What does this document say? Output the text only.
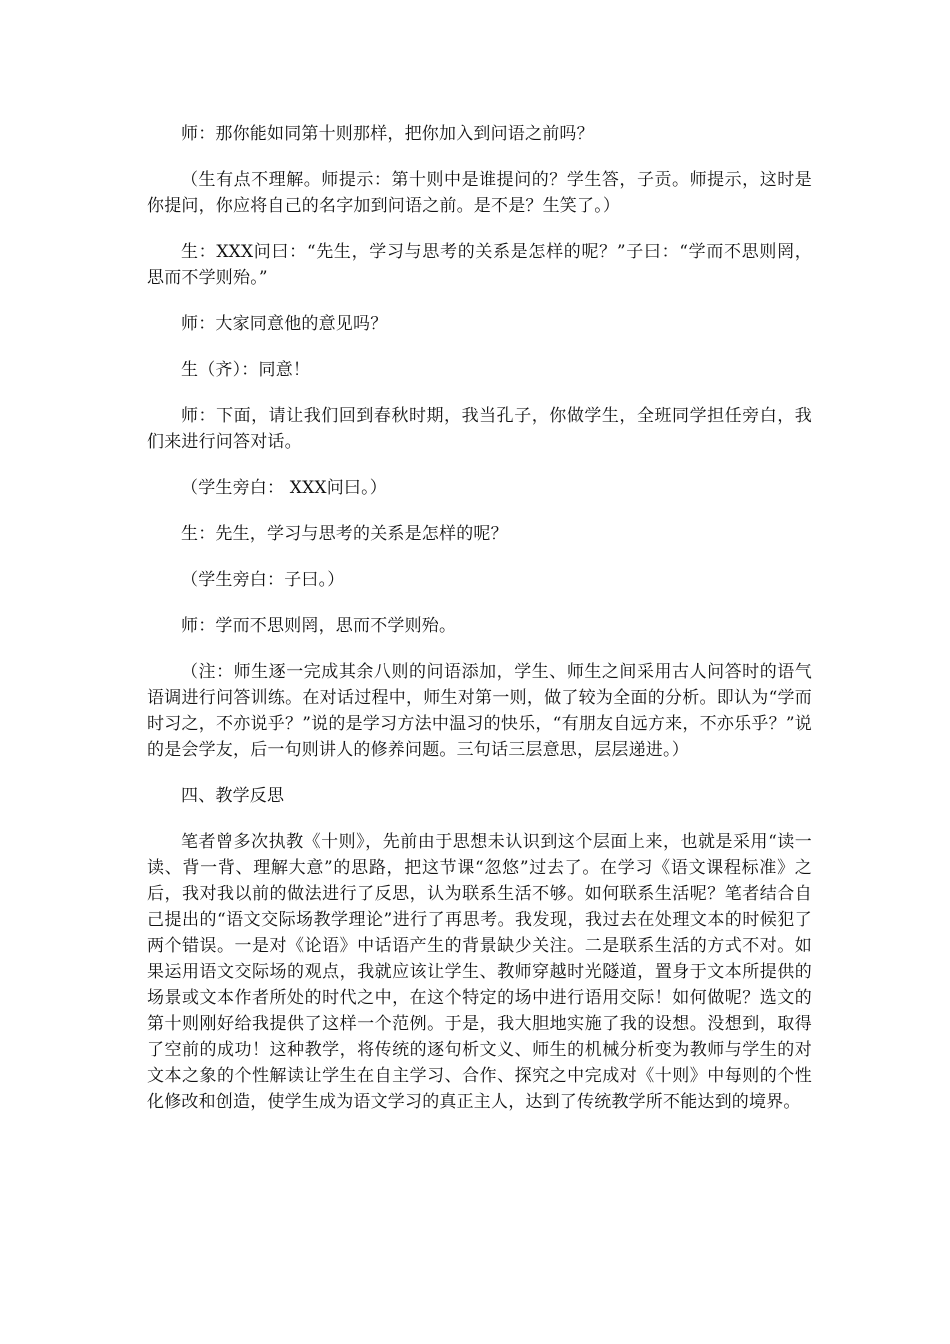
师：那你能如同第十则那样，把你加入到问语之前吗？

（生有点不理解。师提示：第十则中是谁提问的？学生答，子贡。师提示，这时是你提问，你应将自己的名字加到问语之前。是不是？生笑了。）

生：XXX问曰：“先生，学习与思考的关系是怎样的呢？”子曰：“学而不思则罔，思而不学则殆。”

师：大家同意他的意见吗？

生（齐）：同意！

师：下面，请让我们回到春秋时期，我当孔子，你做学生，全班同学担任旁白，我们来进行问答对话。

（学生旁白： XXX问曰。）

生：先生，学习与思考的关系是怎样的呢？

（学生旁白：子曰。）

师：学而不思则罔，思而不学则殆。

（注：师生逐一完成其余八则的问语添加，学生、师生之间采用古人问答时的语气语调进行问答训练。在对话过程中，师生对第一则，做了较为全面的分析。即认为“学而时习之，不亦说乎？”说的是学习方法中温习的快乐，“有朋友自远方来，不亦乐乎？”说的是会学友，后一句则讲人的修养问题。三句话三层意思，层层递进。）

四、教学反思

笔者曾多次执教《十则》，先前由于思想未认识到这个层面上来，也就是采用“读一读、背一背、理解大意”的思路，把这节课“忽悠”过去了。在学习《语文课程标准》之后，我对我以前的做法进行了反思，认为联系生活不够。如何联系生活呢？笔者结合自己提出的“语文交际场教学理论”进行了再思考。我发现，我过去在处理文本的时候犯了两个错误。一是对《论语》中话语产生的背景缺少关注。二是联系生活的方式不对。如果运用语文交际场的观点，我就应该让学生、教师穿越时光隧道，置身于文本所提供的场景或文本作者所处的时代之中，在这个特定的场中进行语用交际！如何做呢？选文的第十则刚好给我提供了这样一个范例。于是，我大胆地实施了我的设想。没想到，取得了空前的成功！这种教学，将传统的逐句析文义、师生的机械分析变为教师与学生的对文本之象的个性解读让学生在自主学习、合作、探究之中完成对《十则》中每则的个性化修改和创造，使学生成为语文学习的真正主人，达到了传统教学所不能达到的境界。
